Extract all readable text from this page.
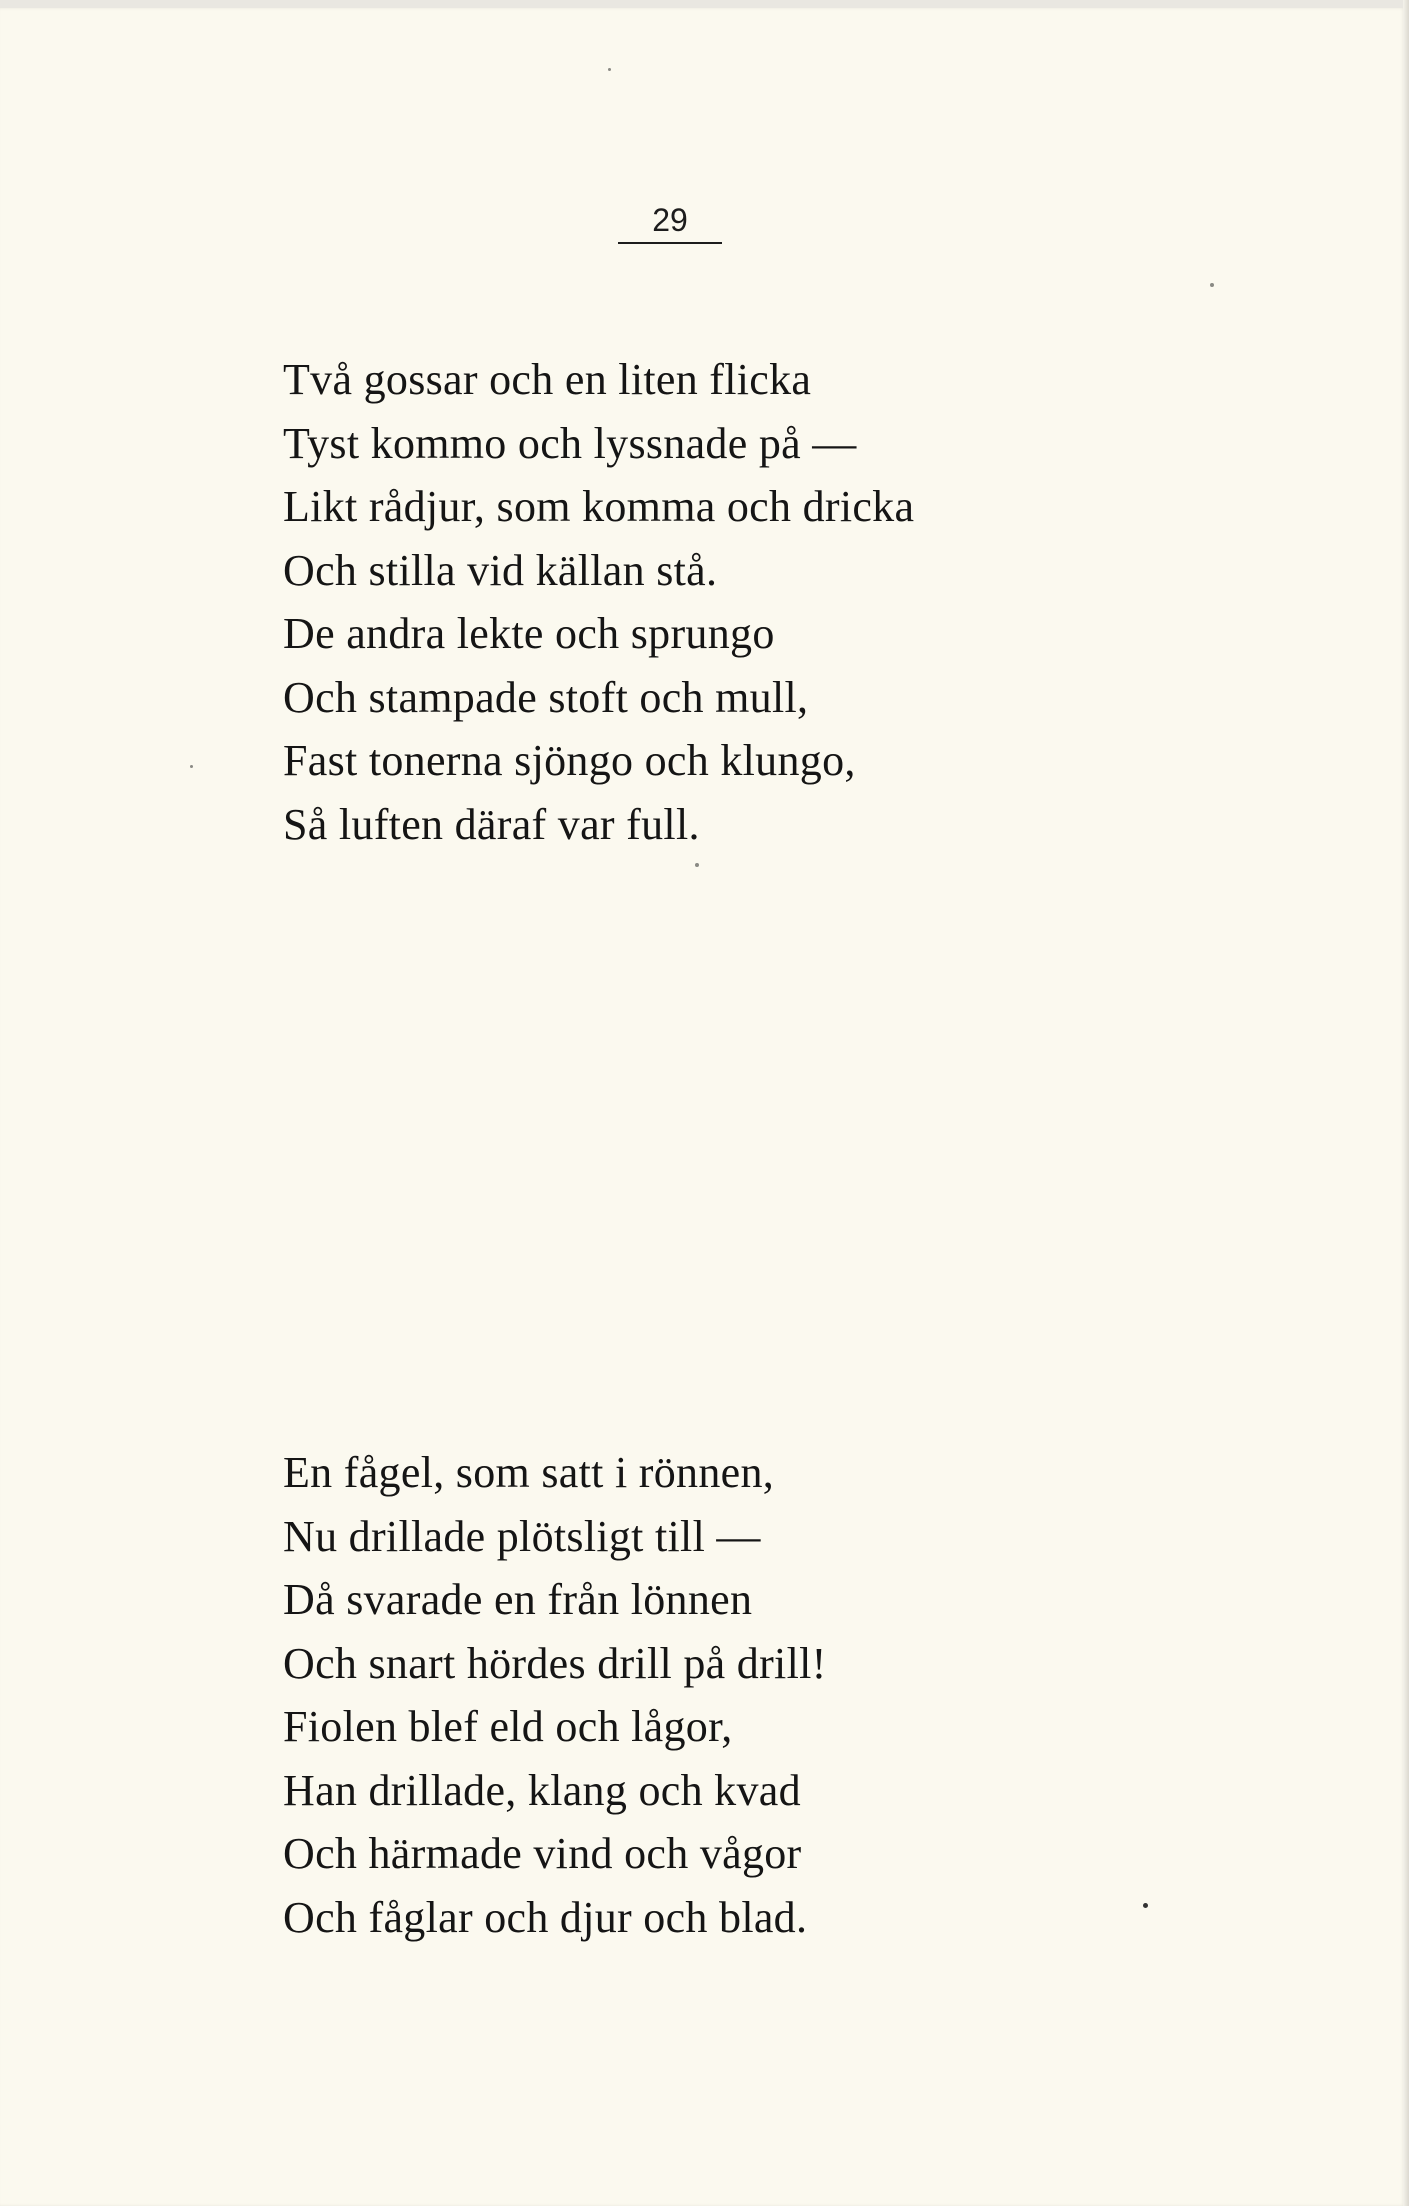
29
Två gossar och en liten flicka
Tyst kommo och lyssnade på —
Likt rådjur, som komma och dricka
Och stilla vid källan stå.
De andra lekte och sprungo
Och stampade stoft och mull,
Fast tonerna sjöngo och klungo,
Så luften däraf var full.
En fågel, som satt i rönnen,
Nu drillade plötsligt till —
Då svarade en från lönnen
Och snart hördes drill på drill!
Fiolen blef eld och lågor,
Han drillade, klang och kvad
Och härmade vind och vågor
Och fåglar och djur och blad.
